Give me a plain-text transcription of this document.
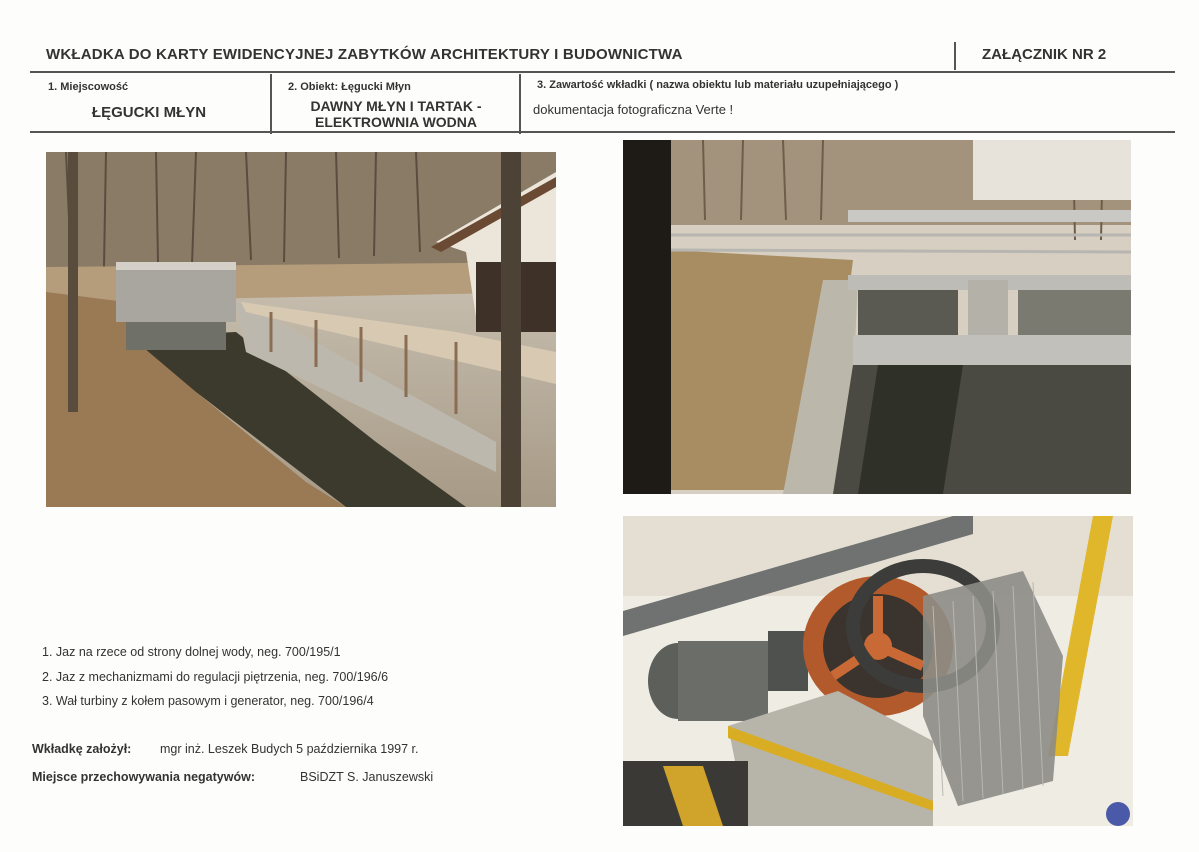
WKŁADKA DO KARTY EWIDENCYJNEJ ZABYTKÓW ARCHITEKTURY I BUDOWNICTWA	ZAŁĄCZNIK NR 2
1. Miejscowość
ŁĘGUCKI MŁYN
2. Obiekt: Łęgucki Młyn
DAWNY MŁYN I TARTAK -
ELEKTROWNIA WODNA
3. Zawartość wkładki ( nazwa obiektu lub materiału uzupełniającego )
dokumentacja fotograficzna Verte !
1. Jaz na rzece od strony dolnej wody, neg. 700/195/1
2. Jaz z mechanizmami do regulacji piętrzenia, neg. 700/196/6
3. Wał turbiny z kołem pasowym i generator, neg. 700/196/4
Wkładkę założył: mgr inż. Leszek Budych 5 października 1997 r.
Miejsce przechowywania negatywów:	BSiDZT S. Januszewski
